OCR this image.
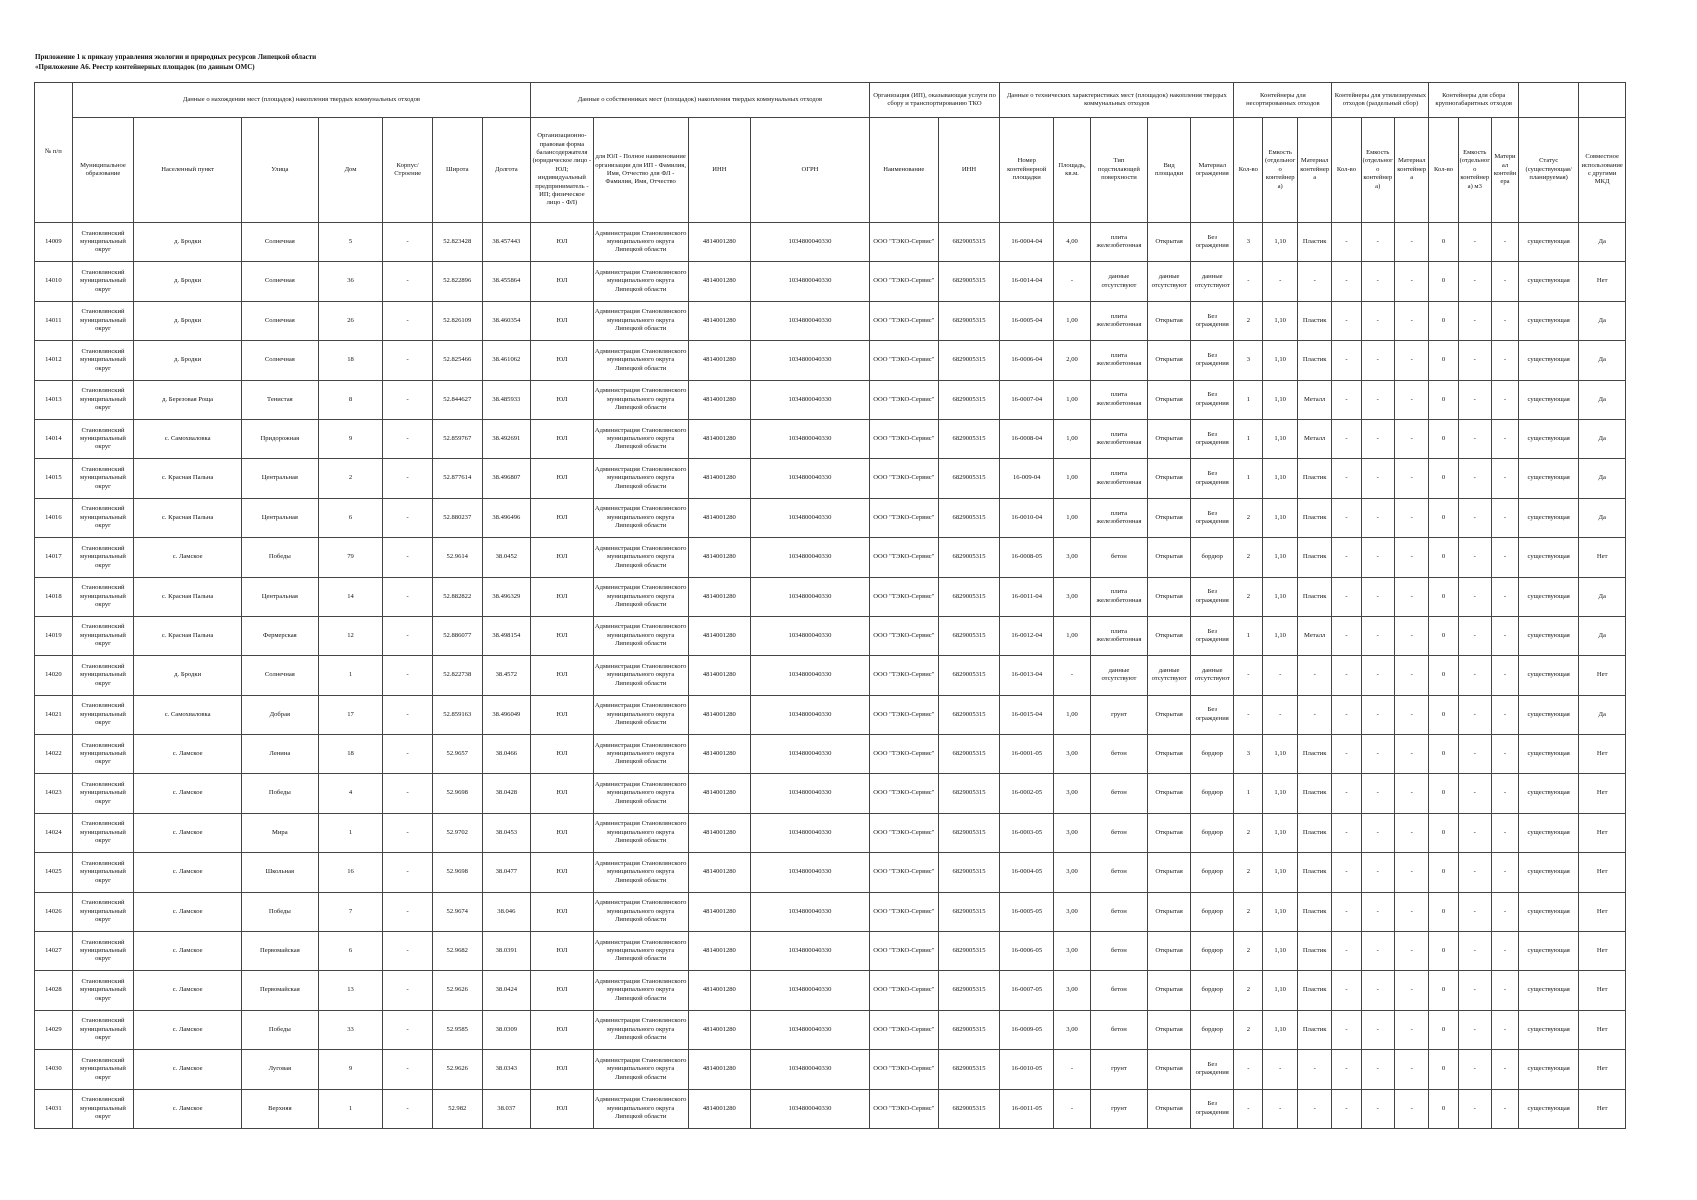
Приложение 1 к приказу управления экологии и природных ресурсов Липецкой области
«Приложение А6. Реестр контейнерных площадок (по данным ОМС)
№ п/п	Данные о нахождении мест (площадок) накопления твердых коммунальных отходов							Данные о собственниках мест (площадок) накопления твердых коммунальных отходов				Организация (ИП), оказывающая услуги по сбору и транспортированию ТКО		Данные о технических характеристиках мест (площадок) накопления твердых коммунальных отходов					Контейнеры для несортированных отходов			Контейнеры для утилизируемых отходов (раздельный сбор)			Контейнеры для сбора крупногабаритных отходов				
	Муниципальное образование	Населенный пункт	Улица	Дом	Корпус/Строение	Широта	Долгота	Организационно-правовая форма балансодержателя (юридическое лицо - ЮЛ; индивидуальный предприниматель - ИП; физическое лицо - ФЛ)	для ЮЛ - Полное наименование организации для ИП - Фамилия, Имя, Отчество для ФЛ - Фамилия, Имя, Отчество	ИНН	ОГРН	Наименование	ИНН	Номер контейнерной площадки	Площадь, кв.м.	Тип подстилающей поверхности	Вид площадки	Материал ограждения	Кол-во	Емкость (отдельного контейнера)	Материал контейнера	Кол-во	Емкость (отдельного контейнера)	Материал контейнера	Кол-во	Емкость (отдельного контейнера) м3	Материал контейнера	Статус (существующая/ планируемая)	Совместное использование с другими МКД
14009	Становлянский муниципальный округ	д. Бродки	Солнечная	5	-	52.823428	38.457443	ЮЛ	Администрация Становлянского муниципального округа Липецкой области	4814001280	1034800040330	ООО "ТЭКО-Сервис"	6829005315	16-0004-04	4,00	плита железобетонная	Открытая	Без ограждения	3	1,10	Пластик	-	-	-	0	-	-	существующая	Да
14010	Становлянский муниципальный округ	д. Бродки	Солнечная	36	-	52.822896	38.455864	ЮЛ	Администрация Становлянского муниципального округа Липецкой области	4814001280	1034800040330	ООО "ТЭКО-Сервис"	6829005315	16-0014-04	-	данные отсутствуют	данные отсутствуют	данные отсутствуют	-	-	-	-	-	-	0	-	-	существующая	Нет
14011	Становлянский муниципальный округ	д. Бродки	Солнечная	26	-	52.826109	38.460354	ЮЛ	Администрация Становлянского муниципального округа Липецкой области	4814001280	1034800040330	ООО "ТЭКО-Сервис"	6829005315	16-0005-04	1,00	плита железобетонная	Открытая	Без ограждения	2	1,10	Пластик	-	-	-	0	-	-	существующая	Да
14012	Становлянский муниципальный округ	д. Бродки	Солнечная	18	-	52.825466	38.461062	ЮЛ	Администрация Становлянского муниципального округа Липецкой области	4814001280	1034800040330	ООО "ТЭКО-Сервис"	6829005315	16-0006-04	2,00	плита железобетонная	Открытая	Без ограждения	3	1,10	Пластик	-	-	-	0	-	-	существующая	Да
14013	Становлянский муниципальный округ	д. Березовая Роща	Тенистая	8	-	52.844627	38.485933	ЮЛ	Администрация Становлянского муниципального округа Липецкой области	4814001280	1034800040330	ООО "ТЭКО-Сервис"	6829005315	16-0007-04	1,00	плита железобетонная	Открытая	Без ограждения	1	1,10	Металл	-	-	-	0	-	-	существующая	Да
14014	Становлянский муниципальный округ	с. Самохваловка	Придорожная	9	-	52.859767	38.492691	ЮЛ	Администрация Становлянского муниципального округа Липецкой области	4814001280	1034800040330	ООО "ТЭКО-Сервис"	6829005315	16-0008-04	1,00	плита железобетонная	Открытая	Без ограждения	1	1,10	Металл	-	-	-	0	-	-	существующая	Да
14015	Становлянский муниципальный округ	с. Красная Пальна	Центральная	2	-	52.877614	38.496807	ЮЛ	Администрация Становлянского муниципального округа Липецкой области	4814001280	1034800040330	ООО "ТЭКО-Сервис"	6829005315	16-009-04	1,00	плита железобетонная	Открытая	Без ограждения	1	1,10	Пластик	-	-	-	0	-	-	существующая	Да
14016	Становлянский муниципальный округ	с. Красная Пальна	Центральная	6	-	52.880237	38.496496	ЮЛ	Администрация Становлянского муниципального округа Липецкой области	4814001280	1034800040330	ООО "ТЭКО-Сервис"	6829005315	16-0010-04	1,00	плита железобетонная	Открытая	Без ограждения	2	1,10	Пластик	-	-	-	0	-	-	существующая	Да
14017	Становлянский муниципальный округ	с. Ламское	Победы	79	-	52.9614	38.0452	ЮЛ	Администрация Становлянского муниципального округа Липецкой области	4814001280	1034800040330	ООО "ТЭКО-Сервис"	6829005315	16-0008-05	3,00	бетон	Открытая	бордюр	2	1,10	Пластик	-	-	-	0	-	-	существующая	Нет
14018	Становлянский муниципальный округ	с. Красная Пальна	Центральная	14	-	52.882822	38.496329	ЮЛ	Администрация Становлянского муниципального округа Липецкой области	4814001280	1034800040330	ООО "ТЭКО-Сервис"	6829005315	16-0011-04	3,00	плита железобетонная	Открытая	Без ограждения	2	1,10	Пластик	-	-	-	0	-	-	существующая	Да
14019	Становлянский муниципальный округ	с. Красная Пальна	Фермерская	12	-	52.886077	38.498154	ЮЛ	Администрация Становлянского муниципального округа Липецкой области	4814001280	1034800040330	ООО "ТЭКО-Сервис"	6829005315	16-0012-04	1,00	плита железобетонная	Открытая	Без ограждения	1	1,10	Металл	-	-	-	0	-	-	существующая	Да
14020	Становлянский муниципальный округ	д. Бродки	Солнечная	1	-	52.822738	38.4572	ЮЛ	Администрация Становлянского муниципального округа Липецкой области	4814001280	1034800040330	ООО "ТЭКО-Сервис"	6829005315	16-0013-04	-	данные отсутствуют	данные отсутствуют	данные отсутствуют	-	-	-	-	-	-	0	-	-	существующая	Нет
14021	Становлянский муниципальный округ	с. Самохваловка	Добрая	17	-	52.859163	38.496049	ЮЛ	Администрация Становлянского муниципального округа Липецкой области	4814001280	1034800040330	ООО "ТЭКО-Сервис"	6829005315	16-0015-04	1,00	грунт	Открытая	Без ограждения	-	-	-	-	-	-	0	-	-	существующая	Да
14022	Становлянский муниципальный округ	с. Ламское	Ленина	18	-	52.9657	38.0466	ЮЛ	Администрация Становлянского муниципального округа Липецкой области	4814001280	1034800040330	ООО "ТЭКО-Сервис"	6829005315	16-0001-05	3,00	бетон	Открытая	бордюр	3	1,10	Пластик	-	-	-	0	-	-	существующая	Нет
14023	Становлянский муниципальный округ	с. Ламское	Победы	4	-	52.9698	38.0428	ЮЛ	Администрация Становлянского муниципального округа Липецкой области	4814001280	1034800040330	ООО "ТЭКО-Сервис"	6829005315	16-0002-05	3,00	бетон	Открытая	бордюр	1	1,10	Пластик	-	-	-	0	-	-	существующая	Нет
14024	Становлянский муниципальный округ	с. Ламское	Мира	1	-	52.9702	38.0453	ЮЛ	Администрация Становлянского муниципального округа Липецкой области	4814001280	1034800040330	ООО "ТЭКО-Сервис"	6829005315	16-0003-05	3,00	бетон	Открытая	бордюр	2	1,10	Пластик	-	-	-	0	-	-	существующая	Нет
14025	Становлянский муниципальный округ	с. Ламское	Школьная	16	-	52.9698	38.0477	ЮЛ	Администрация Становлянского муниципального округа Липецкой области	4814001280	1034800040330	ООО "ТЭКО-Сервис"	6829005315	16-0004-05	3,00	бетон	Открытая	бордюр	2	1,10	Пластик	-	-	-	0	-	-	существующая	Нет
14026	Становлянский муниципальный округ	с. Ламское	Победы	7	-	52.9674	38.046	ЮЛ	Администрация Становлянского муниципального округа Липецкой области	4814001280	1034800040330	ООО "ТЭКО-Сервис"	6829005315	16-0005-05	3,00	бетон	Открытая	бордюр	2	1,10	Пластик	-	-	-	0	-	-	существующая	Нет
14027	Становлянский муниципальный округ	с. Ламское	Первомайская	6	-	52.9682	38.0391	ЮЛ	Администрация Становлянского муниципального округа Липецкой области	4814001280	1034800040330	ООО "ТЭКО-Сервис"	6829005315	16-0006-05	3,00	бетон	Открытая	бордюр	2	1,10	Пластик	-	-	-	0	-	-	существующая	Нет
14028	Становлянский муниципальный округ	с. Ламское	Первомайская	13	-	52.9626	38.0424	ЮЛ	Администрация Становлянского муниципального округа Липецкой области	4814001280	1034800040330	ООО "ТЭКО-Сервис"	6829005315	16-0007-05	3,00	бетон	Открытая	бордюр	2	1,10	Пластик	-	-	-	0	-	-	существующая	Нет
14029	Становлянский муниципальный округ	с. Ламское	Победы	33	-	52.9585	38.0309	ЮЛ	Администрация Становлянского муниципального округа Липецкой области	4814001280	1034800040330	ООО "ТЭКО-Сервис"	6829005315	16-0009-05	3,00	бетон	Открытая	бордюр	2	1,10	Пластик	-	-	-	0	-	-	существующая	Нет
14030	Становлянский муниципальный округ	с. Ламское	Луговая	9	-	52.9626	38.0343	ЮЛ	Администрация Становлянского муниципального округа Липецкой области	4814001280	1034800040330	ООО "ТЭКО-Сервис"	6829005315	16-0010-05	-	грунт	Открытая	Без ограждения	-	-	-	-	-	-	0	-	-	существующая	Нет
14031	Становлянский муниципальный округ	с. Ламское	Верхняя	1	-	52.982	38.037	ЮЛ	Администрация Становлянского муниципального округа Липецкой области	4814001280	1034800040330	ООО "ТЭКО-Сервис"	6829005315	16-0011-05	-	грунт	Открытая	Без ограждения	-	-	-	-	-	-	0	-	-	существующая	Нет
